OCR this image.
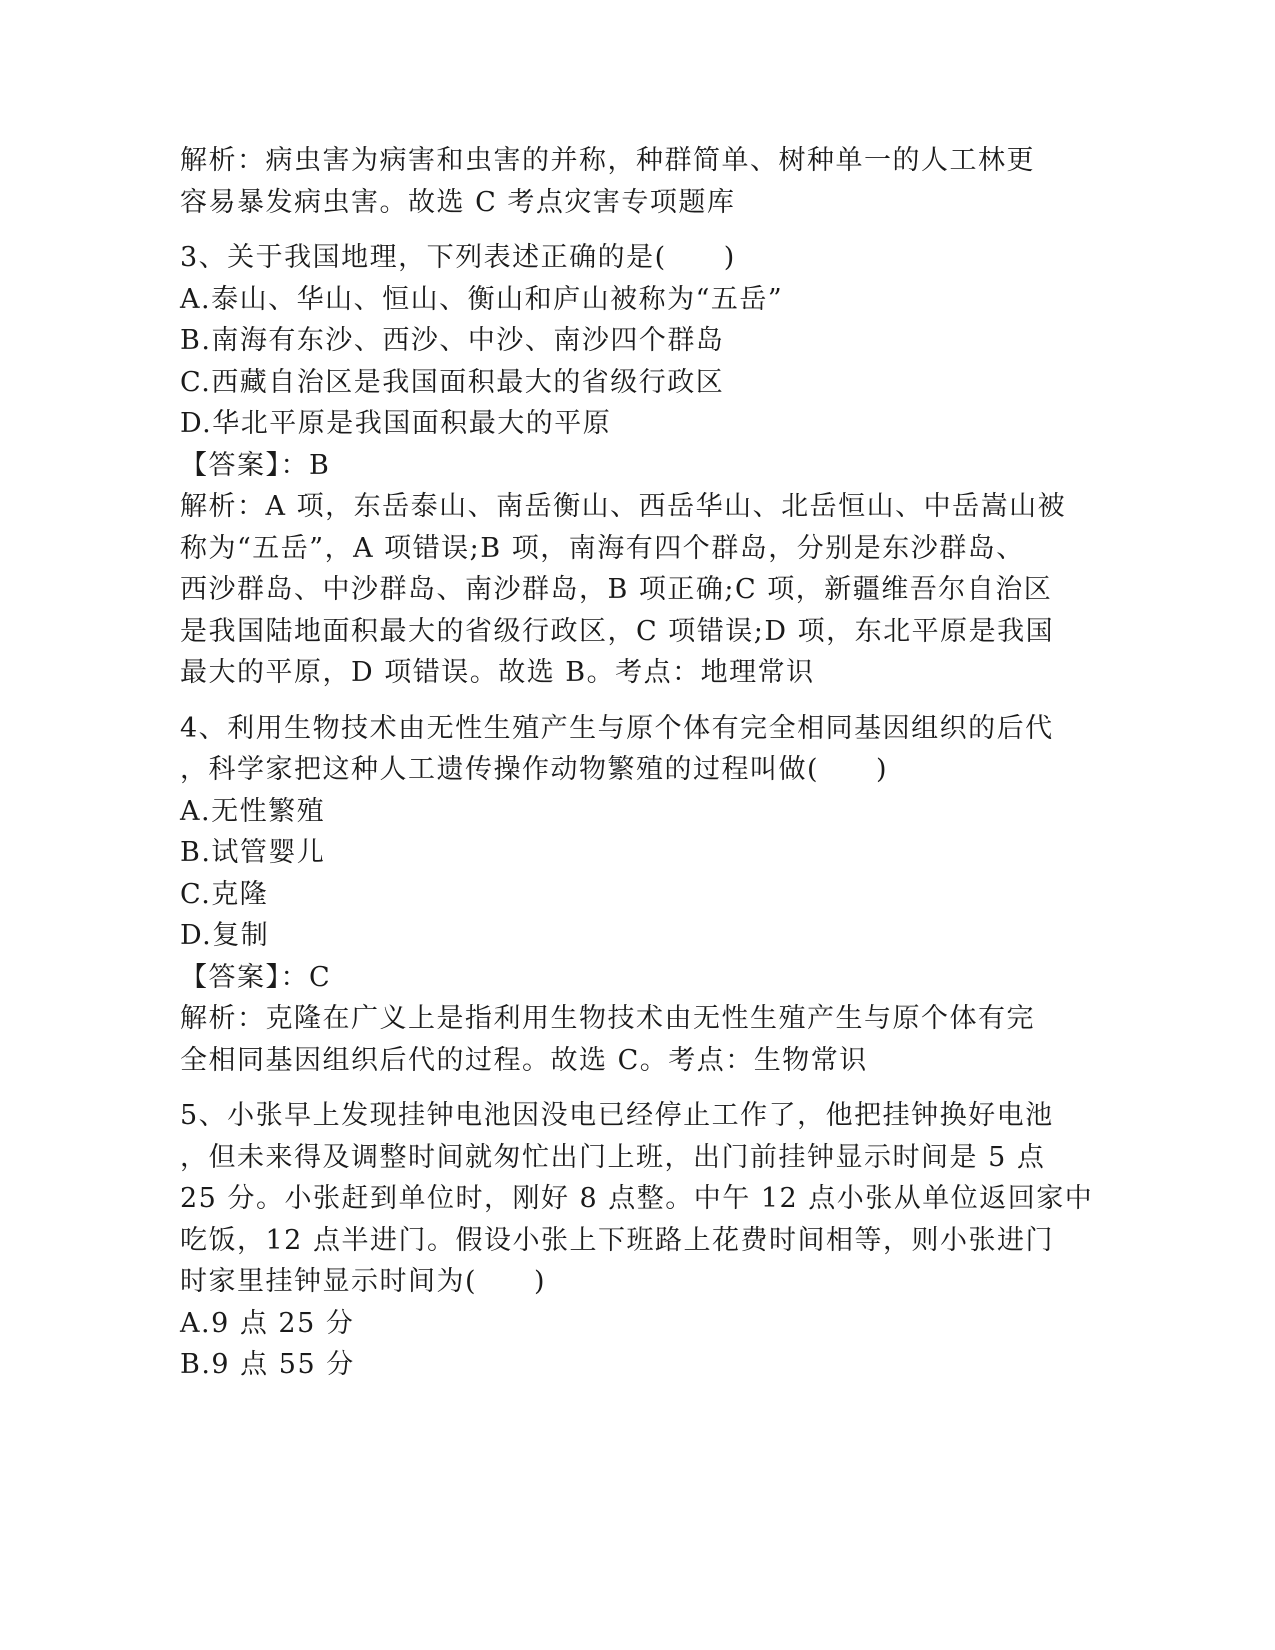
解析：病虫害为病害和虫害的并称，种群简单、树种单一的人工林更
容易暴发病虫害。故选 C 考点灾害专项题库
3、关于我国地理，下列表述正确的是(　　)
A.泰山、华山、恒山、衡山和庐山被称为“五岳”
B.南海有东沙、西沙、中沙、南沙四个群岛
C.西藏自治区是我国面积最大的省级行政区
D.华北平原是我国面积最大的平原
【答案】：B
解析：A 项，东岳泰山、南岳衡山、西岳华山、北岳恒山、中岳嵩山被
称为“五岳”，A 项错误;B 项，南海有四个群岛，分别是东沙群岛、
西沙群岛、中沙群岛、南沙群岛，B 项正确;C 项，新疆维吾尔自治区
是我国陆地面积最大的省级行政区，C 项错误;D 项，东北平原是我国
最大的平原，D 项错误。故选 B。考点：地理常识
4、利用生物技术由无性生殖产生与原个体有完全相同基因组织的后代
，科学家把这种人工遗传操作动物繁殖的过程叫做(　　)
A.无性繁殖
B.试管婴儿
C.克隆
D.复制
【答案】：C
解析：克隆在广义上是指利用生物技术由无性生殖产生与原个体有完
全相同基因组织后代的过程。故选 C。考点：生物常识
5、小张早上发现挂钟电池因没电已经停止工作了，他把挂钟换好电池
，但未来得及调整时间就匆忙出门上班，出门前挂钟显示时间是 5 点
25 分。小张赶到单位时，刚好 8 点整。中午 12 点小张从单位返回家中
吃饭，12 点半进门。假设小张上下班路上花费时间相等，则小张进门
时家里挂钟显示时间为(　　)
A.9 点 25 分
B.9 点 55 分
